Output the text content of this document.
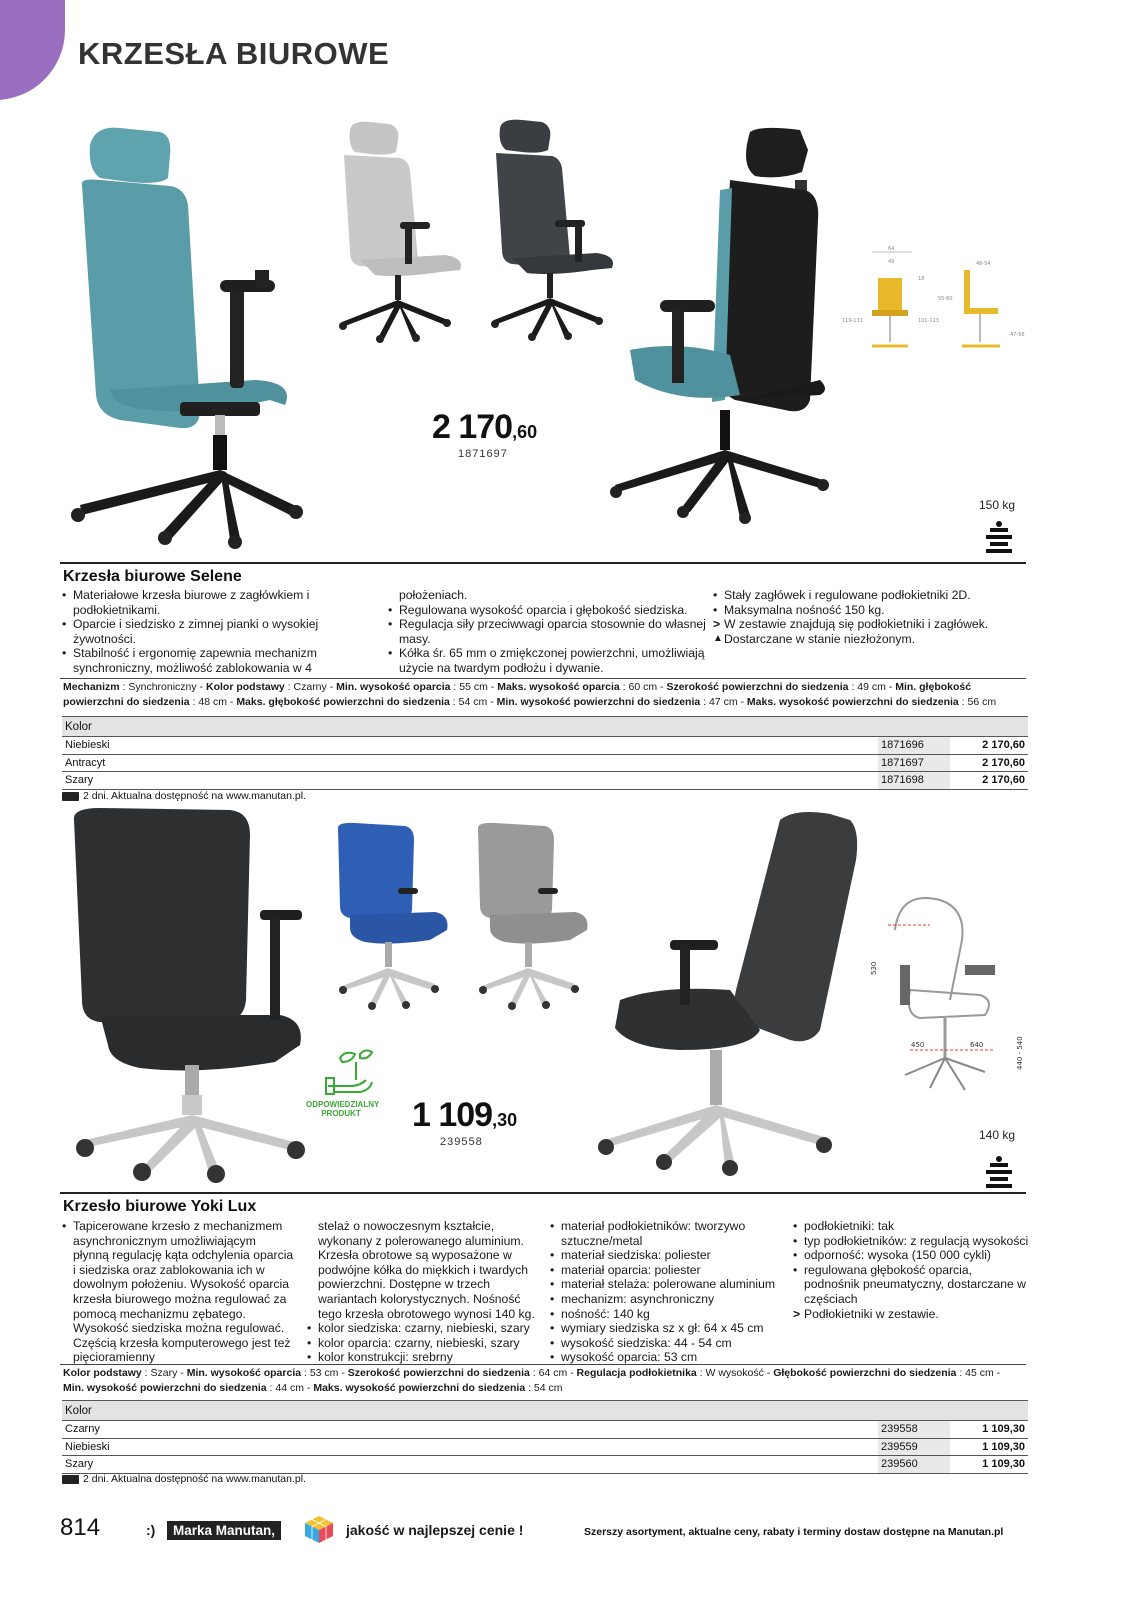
KRZESŁA BIUROWE
64
49
18
119-131	101-113
55-60
48-54
47-56
2 170,60
1871697
150 kg
Krzesła biurowe Selene
• Materiałowe krzesła biurowe z zagłówkiem i podłokietnikami.
• Oparcie i siedzisko z zimnej pianki o wysokiej żywotności.
• Stabilność i ergonomię zapewnia mechanizm synchroniczny, możliwość zablokowania w 4
położeniach.
• Regulowana wysokość oparcia i głębokość siedziska.
• Regulacja siły przeciwwagi oparcia stosownie do własnej masy.
• Kółka śr. 65 mm o zmiękczonej powierzchni, umożliwiają użycie na twardym podłożu i dywanie.
• Stały zagłówek i regulowane podłokietniki 2D.
• Maksymalna nośność 150 kg.
> W zestawie znajdują się podłokietniki i zagłówek.
▲ Dostarczane w stanie niezłożonym.
Mechanizm : Synchroniczny - Kolor podstawy : Czarny - Min. wysokość oparcia : 55 cm - Maks. wysokość oparcia : 60 cm - Szerokość powierzchni do siedzenia : 49 cm - Min. głębokość powierzchni do siedzenia : 48 cm - Maks. głębokość powierzchni do siedzenia : 54 cm - Min. wysokość powierzchni do siedzenia : 47 cm - Maks. wysokość powierzchni do siedzenia : 56 cm
Kolor		
Niebieski	1871696	2 170,60
Antracyt	1871697	2 170,60
Szary	1871698	2 170,60
2 dni. Aktualna dostępność na www.manutan.pl.
530
450	640	440 - 540
ODPOWIEDZIALNY PRODUKT	1 109,30
239558	140 kg
Krzesło biurowe Yoki Lux
• Tapicerowane krzesło z mechanizmem asynchronicznym umożliwiającym płynną regulację kąta odchylenia oparcia i siedziska oraz zablokowania ich w dowolnym położeniu. Wysokość oparcia krzesła biurowego można regulować za pomocą mechanizmu zębatego. Wysokość siedziska można regulować. Częścią krzesła komputerowego jest też pięcioramienny
stelaż o nowoczesnym kształcie, wykonany z polerowanego aluminium. Krzesła obrotowe są wyposażone w podwójne kółka do miękkich i twardych powierzchni. Dostępne w trzech wariantach kolorystycznych. Nośność tego krzesła obrotowego wynosi 140 kg.
• kolor siedziska: czarny, niebieski, szary
• kolor oparcia: czarny, niebieski, szary
• kolor konstrukcji: srebrny
• materiał podłokietników: tworzywo sztuczne/metal
• materiał siedziska: poliester
• materiał oparcia: poliester
• materiał stelaża: polerowane aluminium
• mechanizm: asynchroniczny
• nośność: 140 kg
• wymiary siedziska sz x gł: 64 x 45 cm
• wysokość siedziska: 44 - 54 cm
• wysokość oparcia: 53 cm
• podłokietniki: tak
• typ podłokietników: z regulacją wysokości
• odporność: wysoka (150 000 cykli)
• regulowana głębokość oparcia, podnośnik pneumatyczny, dostarczane w częściach
> Podłokietniki w zestawie.
Kolor podstawy : Szary - Min. wysokość oparcia : 53 cm - Szerokość powierzchni do siedzenia : 64 cm - Regulacja podłokietnika : W wysokość - Głębokość powierzchni do siedzenia : 45 cm - Min. wysokość powierzchni do siedzenia : 44 cm - Maks. wysokość powierzchni do siedzenia : 54 cm
Kolor		
Czarny	239558	1 109,30
Niebieski	239559	1 109,30
Szary	239560	1 109,30
2 dni. Aktualna dostępność na www.manutan.pl.
814	:)	Marka Manutan,	jakość w najlepszej cenie !	Szerszy asortyment, aktualne ceny, rabaty i terminy dostaw dostępne na Manutan.pl
